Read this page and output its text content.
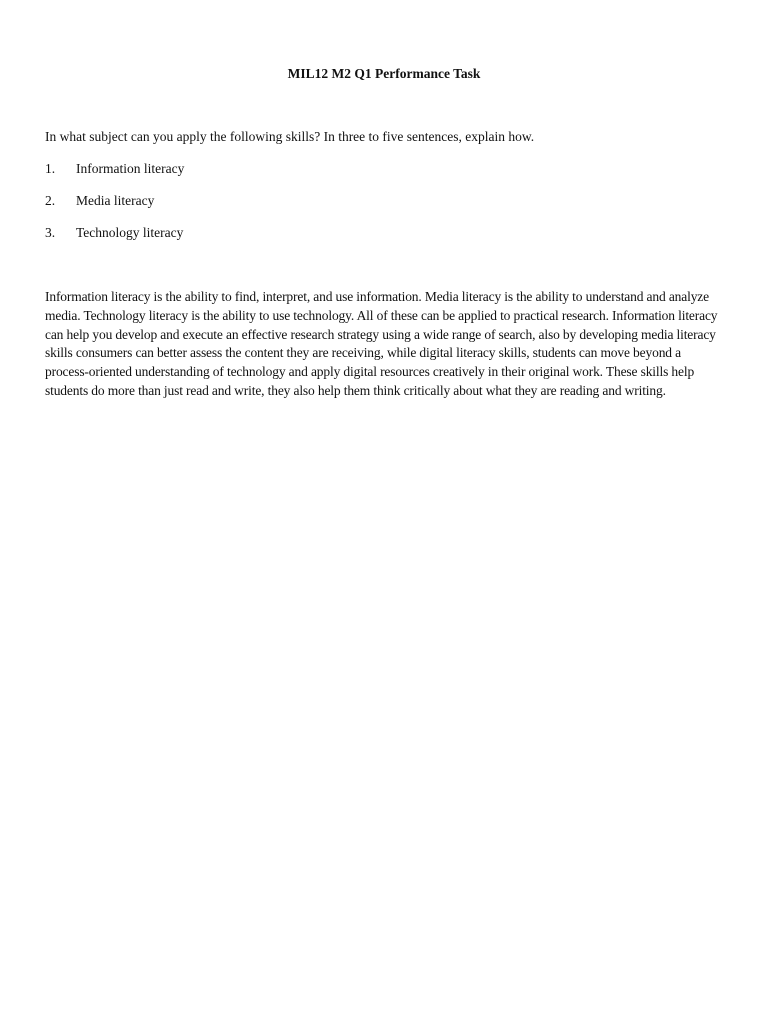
MIL12 M2 Q1 Performance Task
In what subject can you apply the following skills? In three to five sentences, explain how.
1.	Information literacy
2.	Media literacy
3.	Technology literacy

Information literacy is the ability to find, interpret, and use information. Media literacy is the ability to understand and analyze media. Technology literacy is the ability to use technology. All of these can be applied to practical research. Information literacy can help you develop and execute an effective research strategy using a wide range of search, also by developing media literacy skills consumers can better assess the content they are receiving, while digital literacy skills, students can move beyond a process-oriented understanding of technology and apply digital resources creatively in their original work. These skills help students do more than just read and write, they also help them think critically about what they are reading and writing.
